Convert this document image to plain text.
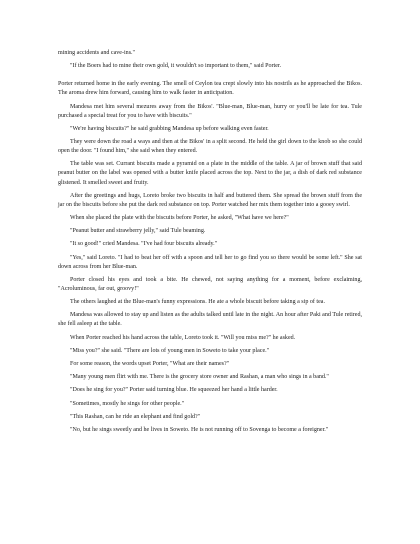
mining accidents and cave-ins."

"If the Boers had to mine their own gold, it wouldn't so important to them," said Porter.

Porter returned home in the early evening. The smell of Ceylon tea crept slowly into his nostrils as he approached the Bikos. The aroma drew him forward, causing him to walk faster in anticipation.

Mandesa met him several mezures away from the Bikos'. "Blue-man, Blue-man, hurry or you'll be late for tea. Tule purchased a special treat for you to have with biscuits."

"We're having biscuits?" he said grabbing Mandesa up before walking even faster.

They were down the road a ways and then at the Bikos' in a split second. He held the girl down to the knob so she could open the door. "I found him," she said when they entered.

The table was set. Currant biscuits made a pyramid on a plate in the middle of the table. A jar of brown stuff that said peanut butter on the label was opened with a butter knife placed across the top. Next to the jar, a dish of dark red substance glistened. It smelled sweet and fruity.

After the greetings and hugs, Loreto broke two biscuits in half and buttered them. She spread the brown stuff from the jar on the biscuits before she put the dark red substance on top. Porter watched her mix them together into a gooey swirl.

When she placed the plate with the biscuits before Porter, he asked, "What have we here?"

"Peanut butter and strawberry jelly," said Tule beaming.

"It so good!" cried Mandesa. "I've had four biscuits already."

"Yes," said Loreto. "I had to beat her off with a spoon and tell her to go find you so there would be some left." She sat down across from her Blue-man.

Porter closed his eyes and took a bite. He chewed, not saying anything for a moment, before exclaiming, "Acroluminous, far out, groovy!"

The others laughed at the Blue-man's funny expressions. He ate a whole biscuit before taking a sip of tea.

Mandesa was allowed to stay up and listen as the adults talked until late in the night. An hour after Paki and Tule retired, she fell asleep at the table.

When Porter reached his hand across the table, Loreto took it. "Will you miss me?" he asked.

"Miss you?" she said. "There are lots of young men in Soweto to take your place."

For some reason, the words upset Porter, "What are their names?"

"Many young men flirt with me. There is the grocery store owner and Rashan, a man who sings in a band."

"Does he sing for you?" Porter said turning blue. He squeezed her hand a little harder.

"Sometimes, mostly he sings for other people."

"This Rashan, can he ride an elephant and find gold?"

"No, but he sings sweetly and he lives in Soweto. He is not running off to Sovenga to become a foreigner."
